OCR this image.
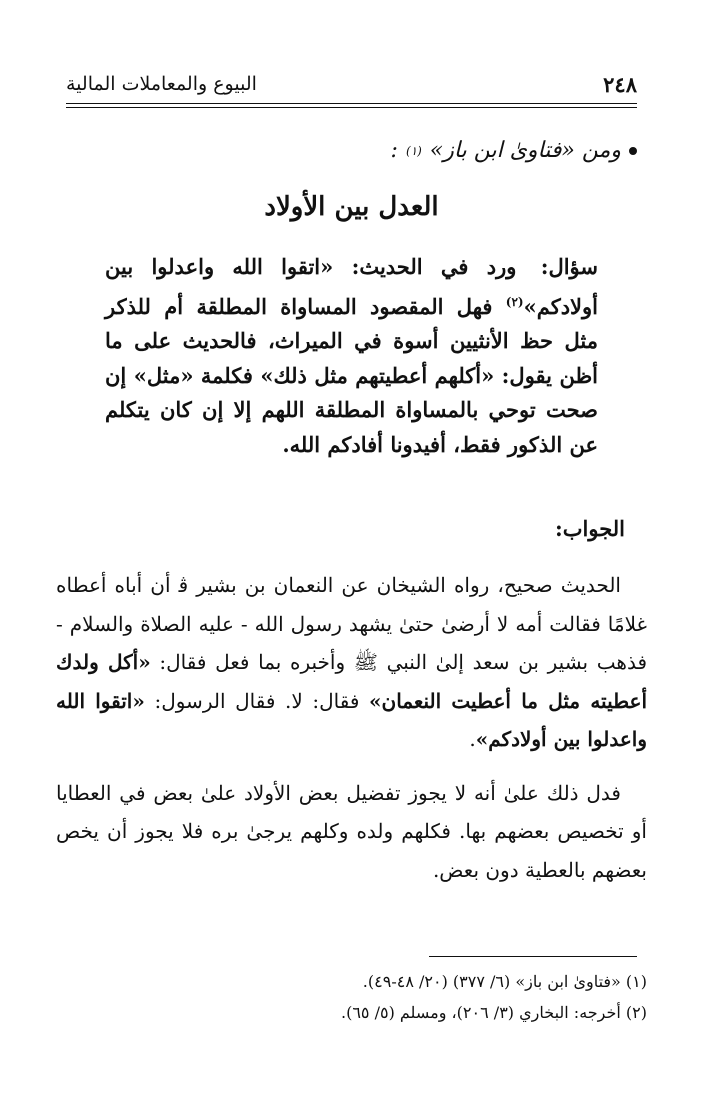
٢٤٨
البيوع والمعاملات المالية
ومن «فتاوىٰ ابن باز»
(١)
:
العدل بين الأولاد
سؤال: ورد في الحديث: «اتقوا الله واعدلوا بين أولادكم»$^{(٢)}$ فهل المقصود المساواة المطلقة أم للذكر مثل حظ الأنثيين أسوة في الميراث، فالحديث على ما أظن يقول: «أكلهم أعطيتهم مثل ذلك» فكلمة «مثل» إن صحت توحي بالمساواة المطلقة اللهم إلا إن كان يتكلم عن الذكور فقط، أفيدونا أفادكم الله.
الجواب:

الحديث صحيح، رواه الشيخان عن النعمان بن بشير ﭬ أن أباه أعطاه غلامًا فقالت أمه لا أرضىٰ حتىٰ يشهد رسول الله - عليه الصلاة والسلام - فذهب بشير بن سعد إلىٰ النبي ﷺ وأخبره بما فعل فقال: «أكل ولدك أعطيته مثل ما أعطيت النعمان» فقال: لا. فقال الرسول: «اتقوا الله واعدلوا بين أولادكم».

فدل ذلك علىٰ أنه لا يجوز تفضيل بعض الأولاد علىٰ بعض في العطايا أو تخصيص بعضهم بها. فكلهم ولده وكلهم يرجىٰ بره فلا يجوز أن يخص بعضهم بالعطية دون بعض.

(١) «فتاوىٰ ابن باز» (٦/ ٣٧٧) (٢٠/ ٤٨-٤٩).

(٢) أخرجه: البخاري (٣/ ٢٠٦)، ومسلم (٥/ ٦٥).
